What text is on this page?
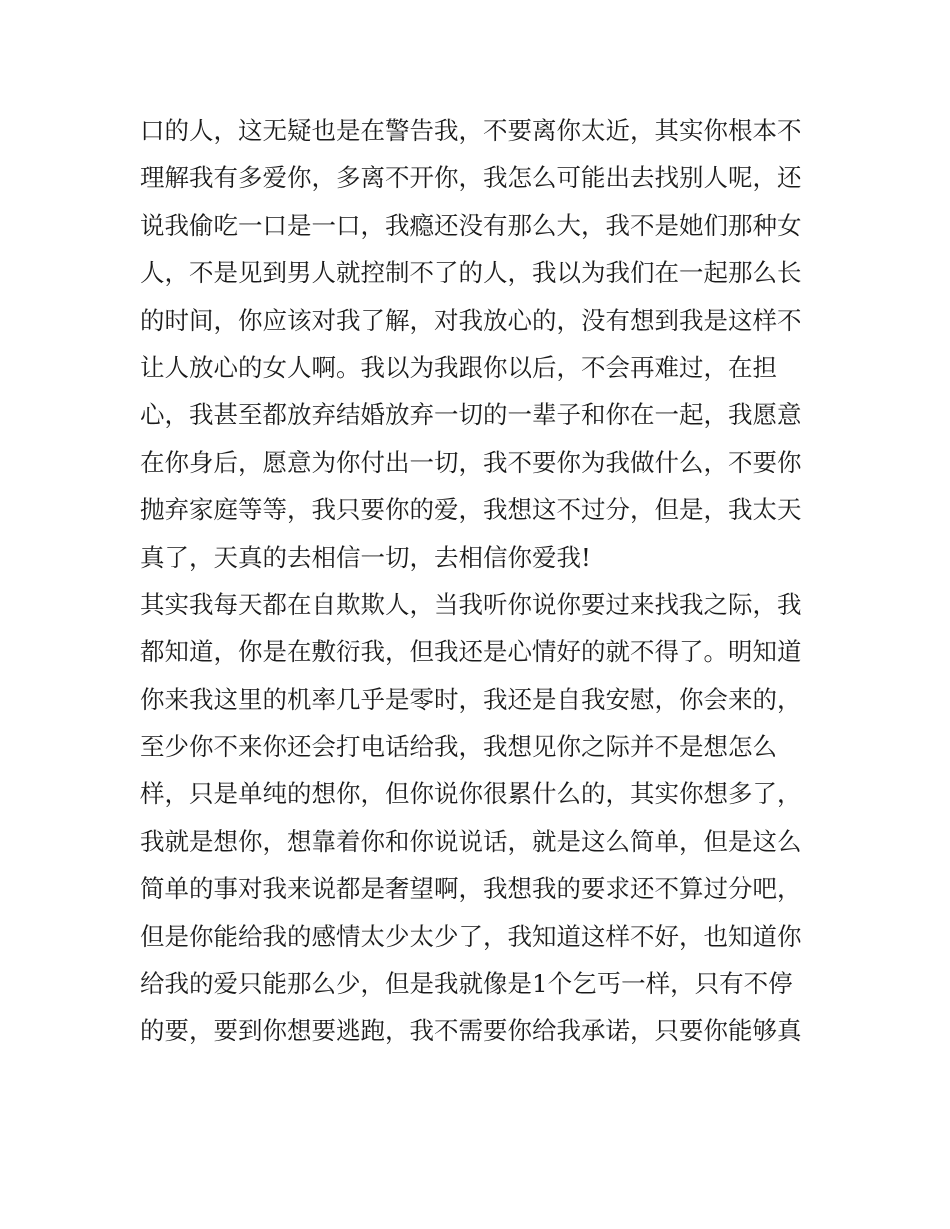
口的人，这无疑也是在警告我，不要离你太近，其实你根本不
理解我有多爱你，多离不开你，我怎么可能出去找别人呢，还
说我偷吃一口是一口，我瘾还没有那么大，我不是她们那种女
人，不是见到男人就控制不了的人，我以为我们在一起那么长
的时间，你应该对我了解，对我放心的，没有想到我是这样不
让人放心的女人啊。我以为我跟你以后，不会再难过，在担
心，我甚至都放弃结婚放弃一切的一辈子和你在一起，我愿意
在你身后，愿意为你付出一切，我不要你为我做什么，不要你
抛弃家庭等等，我只要你的爱，我想这不过分，但是，我太天
真了，天真的去相信一切，去相信你爱我!
其实我每天都在自欺欺人，当我听你说你要过来找我之际，我
都知道，你是在敷衍我，但我还是心情好的就不得了。明知道
你来我这里的机率几乎是零时，我还是自我安慰，你会来的，
至少你不来你还会打电话给我，我想见你之际并不是想怎么
样，只是单纯的想你，但你说你很累什么的，其实你想多了，
我就是想你，想靠着你和你说说话，就是这么简单，但是这么
简单的事对我来说都是奢望啊，我想我的要求还不算过分吧，
但是你能给我的感情太少太少了，我知道这样不好，也知道你
给我的爱只能那么少，但是我就像是1个乞丐一样，只有不停
的要，要到你想要逃跑，我不需要你给我承诺，只要你能够真
